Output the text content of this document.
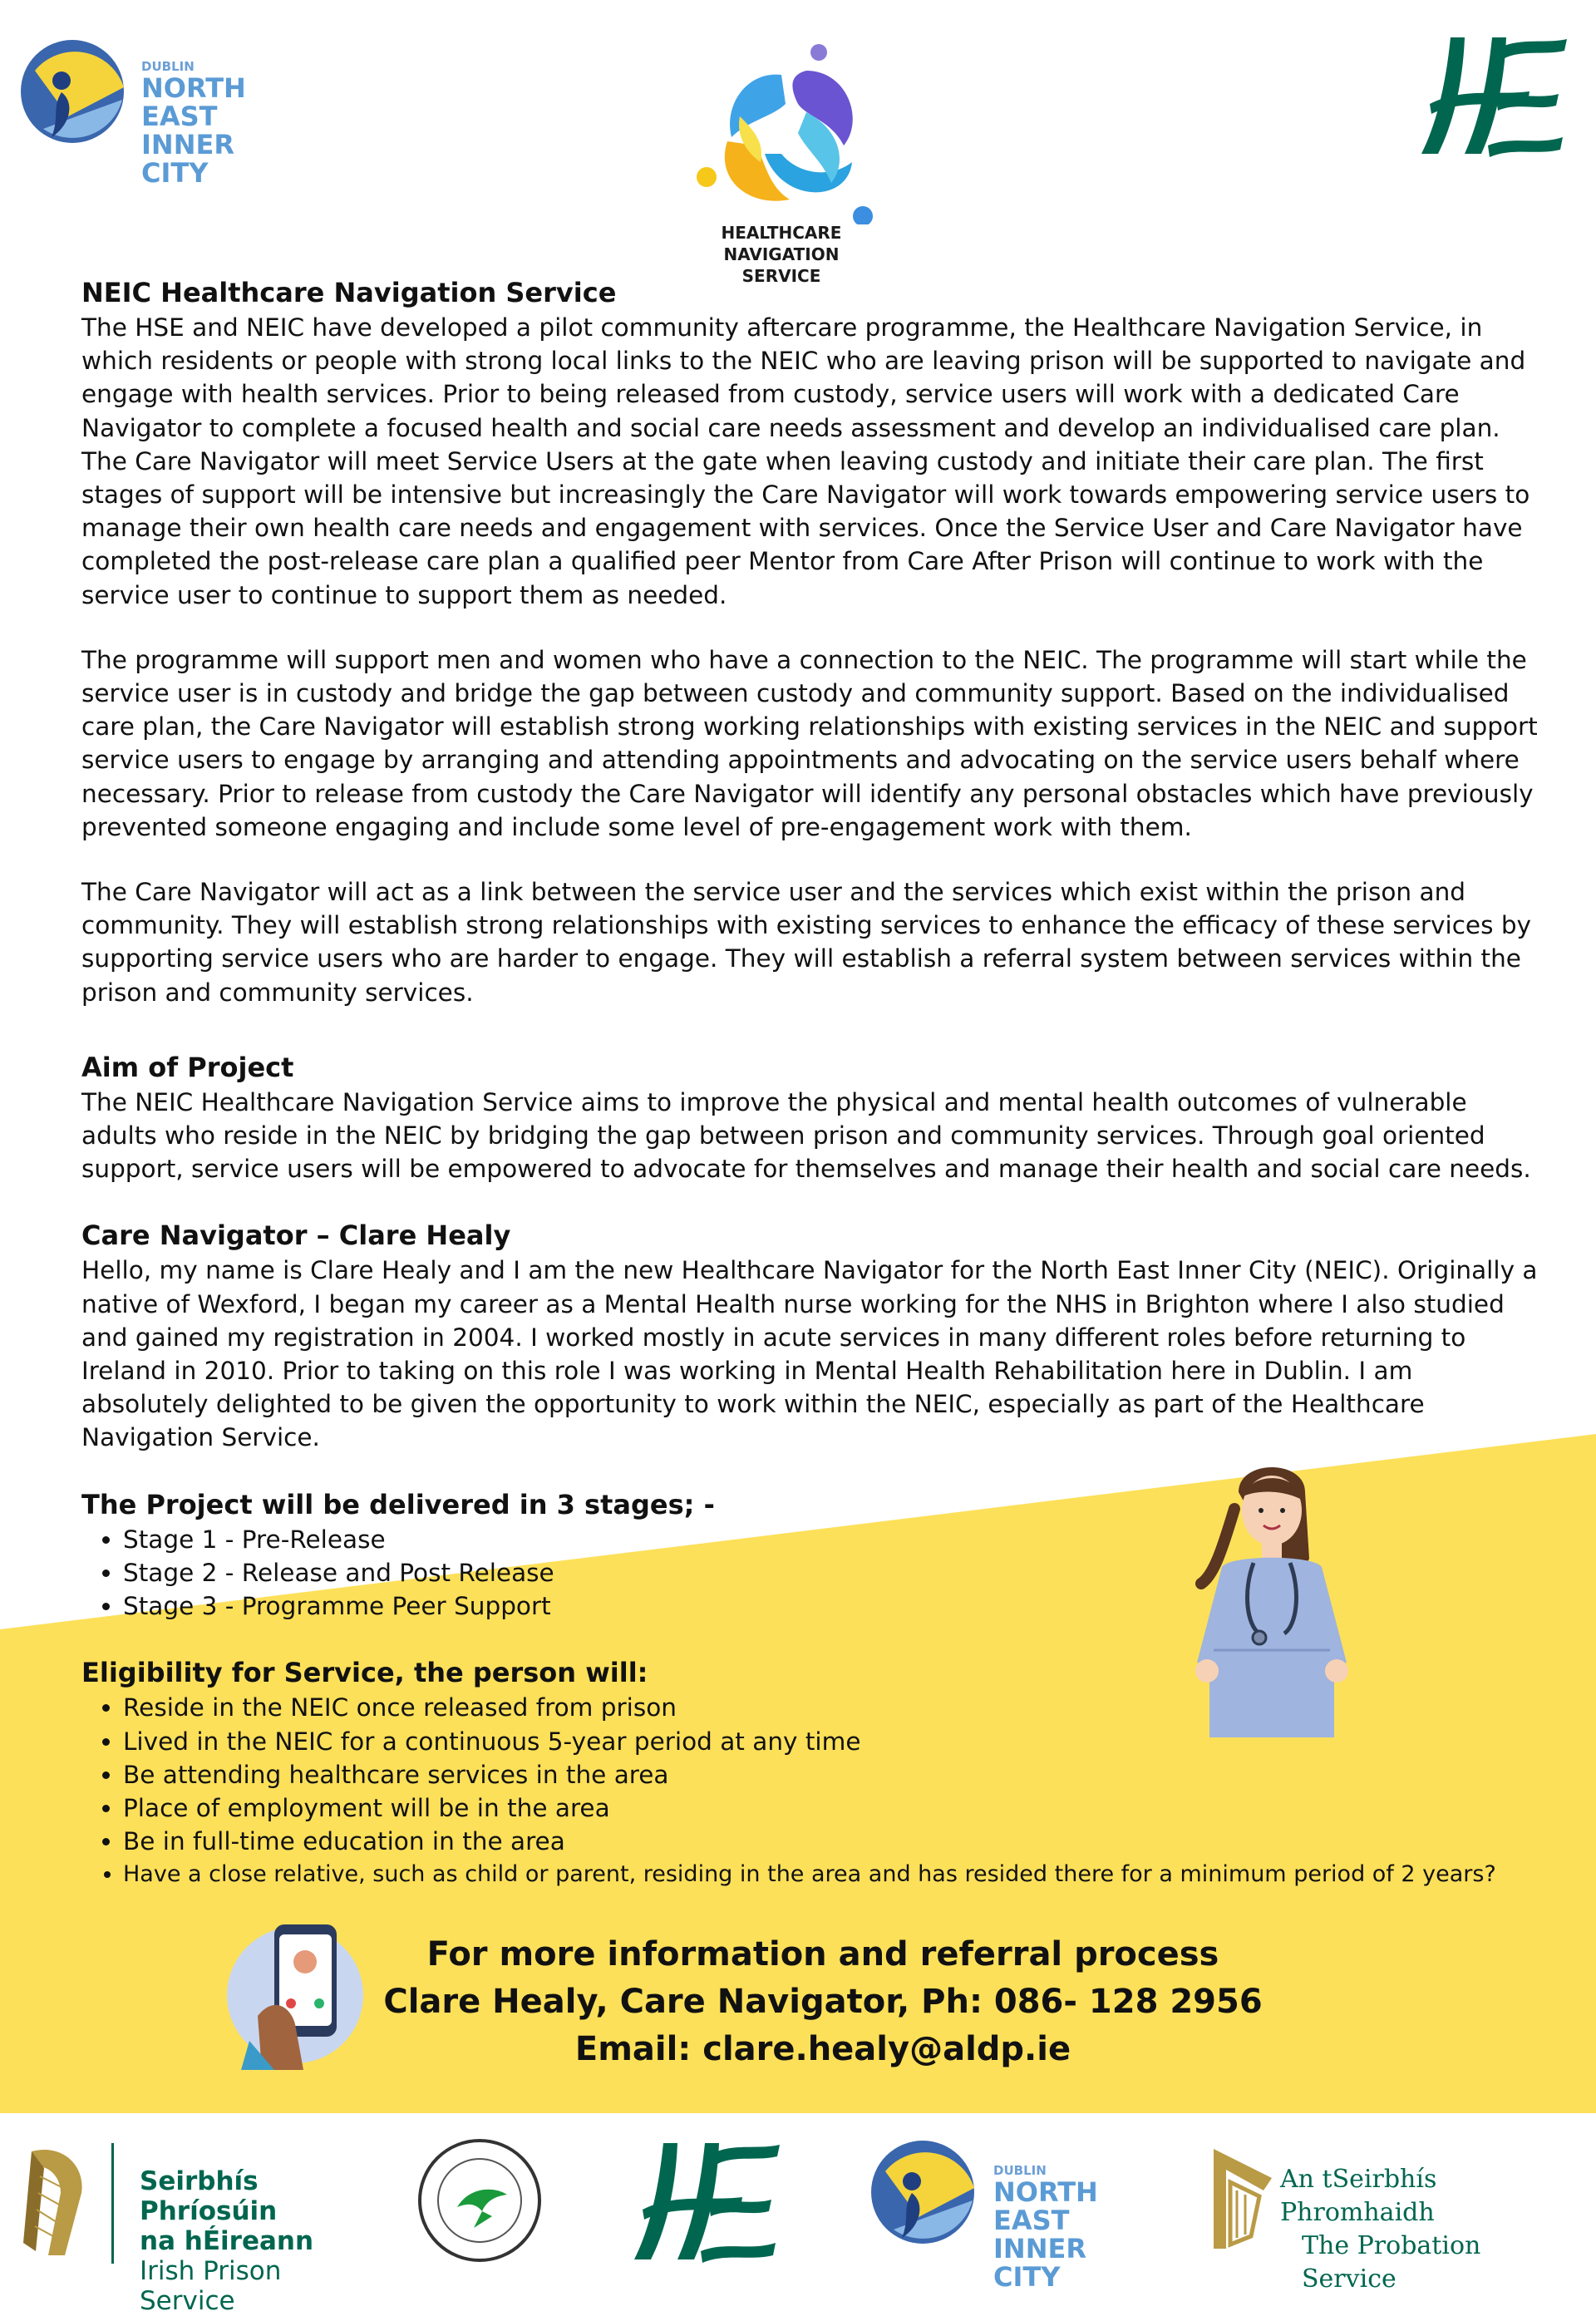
DUBLIN
NORTH EAST
INNER CITY
HEALTHCARE
NAVIGATION SERVICE
NEIC Healthcare Navigation Service

The HSE and NEIC have developed a pilot community aftercare programme, the Healthcare Navigation Service, in which residents or people with strong local links to the NEIC who are leaving prison will be supported to navigate and engage with health services. Prior to being released from custody, service users will work with a dedicated Care Navigator to complete a focused health and social care needs assessment and develop an individualised care plan. The Care Navigator will meet Service Users at the gate when leaving custody and initiate their care plan. The first stages of support will be intensive but increasingly the Care Navigator will work towards empowering service users to manage their own health care needs and engagement with services. Once the Service User and Care Navigator have completed the post-release care plan a qualified peer Mentor from Care After Prison will continue to work with the service user to continue to support them as needed.

The programme will support men and women who have a connection to the NEIC. The programme will start while the service user is in custody and bridge the gap between custody and community support. Based on the individualised care plan, the Care Navigator will establish strong working relationships with existing services in the NEIC and support service users to engage by arranging and attending appointments and advocating on the service users behalf where necessary. Prior to release from custody the Care Navigator will identify any personal obstacles which have previously prevented someone engaging and include some level of pre-engagement work with them.

The Care Navigator will act as a link between the service user and the services which exist within the prison and community. They will establish strong relationships with existing services to enhance the efficacy of these services by supporting service users who are harder to engage. They will establish a referral system between services within the prison and community services.

Aim of Project

The NEIC Healthcare Navigation Service aims to improve the physical and mental health outcomes of vulnerable adults who reside in the NEIC by bridging the gap between prison and community services. Through goal oriented support, service users will be empowered to advocate for themselves and manage their health and social care needs.

Care Navigator – Clare Healy

Hello, my name is Clare Healy and I am the new Healthcare Navigator for the North East Inner City (NEIC). Originally a native of Wexford, I began my career as a Mental Health nurse working for the NHS in Brighton where I also studied and gained my registration in 2004. I worked mostly in acute services in many different roles before returning to Ireland in 2010. Prior to taking on this role I was working in Mental Health Rehabilitation here in Dublin. I am absolutely delighted to be given the opportunity to work within the NEIC, especially as part of the Healthcare Navigation Service.

The Project will be delivered in 3 stages; -
• Stage 1 - Pre-Release
• Stage 2 - Release and Post Release
• Stage 3 - Programme Peer Support
Eligibility for Service, the person will:
• Reside in the NEIC once released from prison
• Lived in the NEIC for a continuous 5-year period at any time
• Be attending healthcare services in the area
• Place of employment will be in the area
• Be in full-time education in the area
• Have a close relative, such as child or parent, residing in the area and has resided there for a minimum period of 2 years?
For more information and referral process
Clare Healy, Care Navigator, Ph: 086- 128 2956
Email: clare.healy@aldp.ie
Seirbhís Phríosúin
na hÉireann
Irish Prison Service
DUBLIN
NORTH EAST
INNER CITY
An tSeirbhís Phromhaidh
The Probation Service
